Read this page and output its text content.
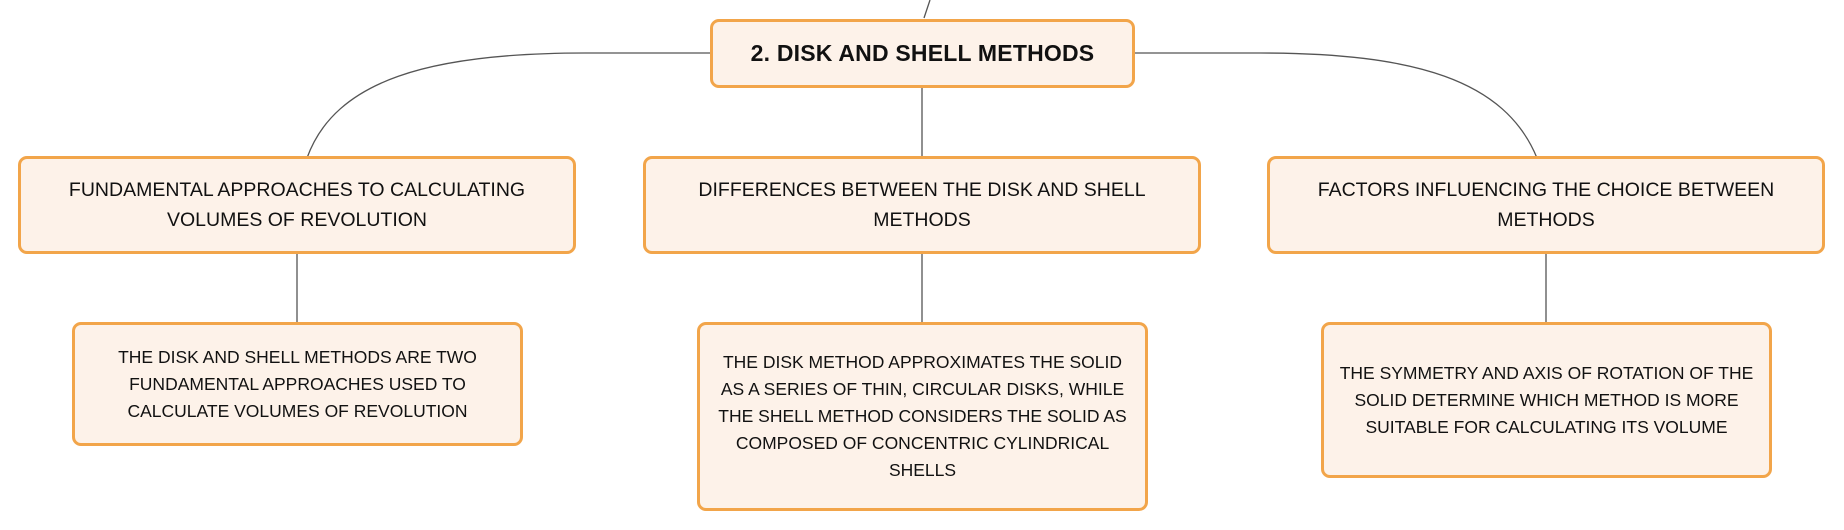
2. DISK AND SHELL METHODS
FUNDAMENTAL APPROACHES TO CALCULATING VOLUMES OF REVOLUTION
DIFFERENCES BETWEEN THE DISK AND SHELL METHODS
FACTORS INFLUENCING THE CHOICE BETWEEN METHODS
THE DISK AND SHELL METHODS ARE TWO FUNDAMENTAL APPROACHES USED TO CALCULATE VOLUMES OF REVOLUTION
THE DISK METHOD APPROXIMATES THE SOLID AS A SERIES OF THIN, CIRCULAR DISKS, WHILE THE SHELL METHOD CONSIDERS THE SOLID AS COMPOSED OF CONCENTRIC CYLINDRICAL SHELLS
THE SYMMETRY AND AXIS OF ROTATION OF THE SOLID DETERMINE WHICH METHOD IS MORE SUITABLE FOR CALCULATING ITS VOLUME
